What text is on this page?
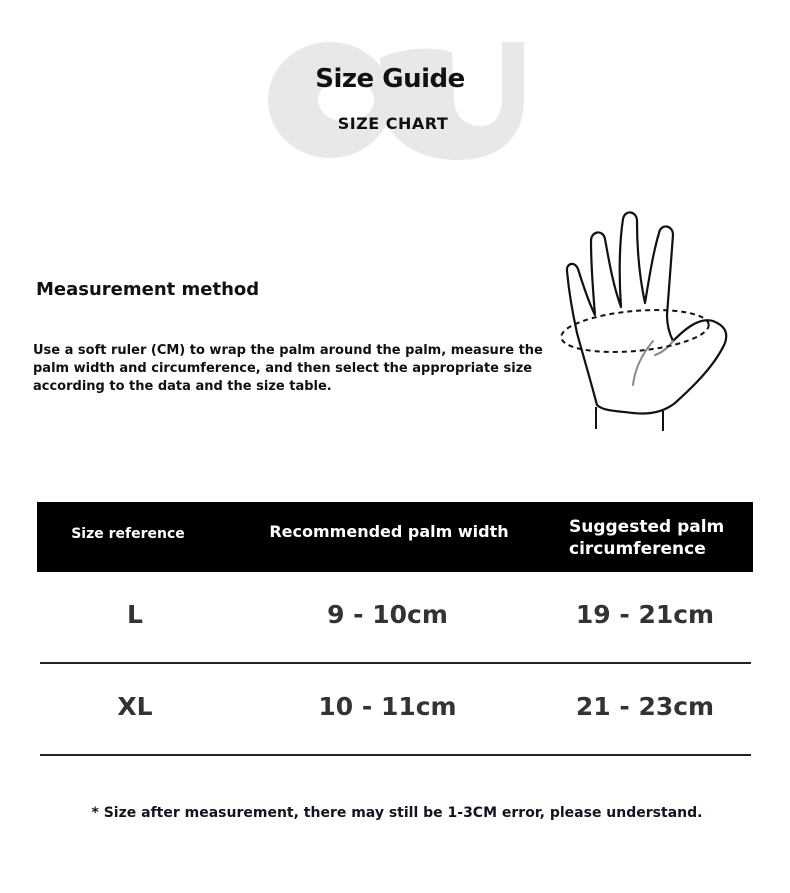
Size Guide
SIZE CHART
Measurement method
Use a soft ruler (CM) to wrap the palm around the palm, measure the palm width and circumference, and then select the appropriate size according to the data and the size table.
Size reference	Recommended palm width	Suggested palm circumference
L	9 - 10cm	19 - 21cm
XL	10 - 11cm	21 - 23cm
* Size after measurement, there may still be 1-3CM error, please understand.
